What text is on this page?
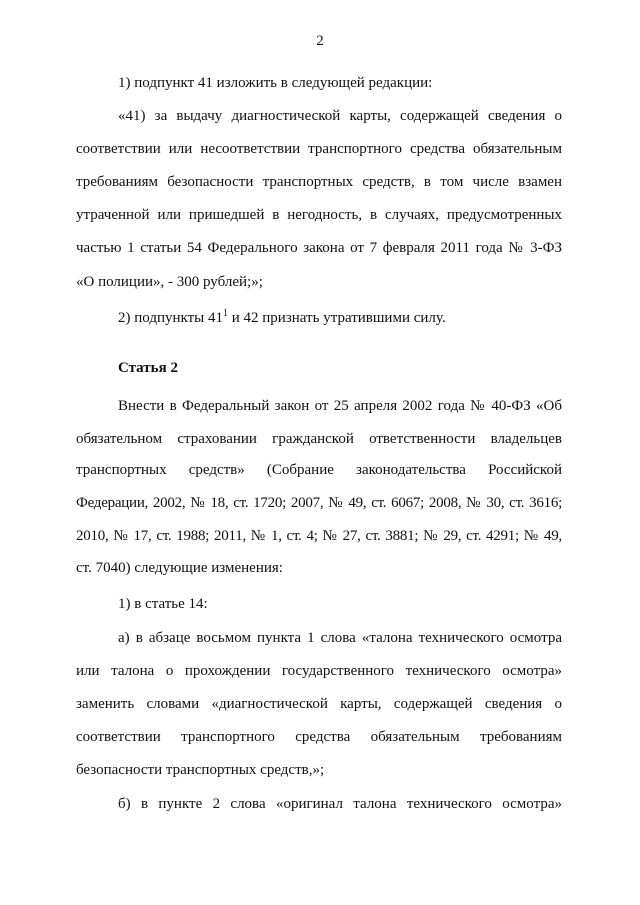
2
1) подпункт 41 изложить в следующей редакции:
«41) за выдачу диагностической карты, содержащей сведения о
соответствии или несоответствии транспортного средства обязательным
требованиям безопасности транспортных средств, в том числе взамен
утраченной или пришедшей в негодность, в случаях, предусмотренных
частью 1 статьи 54 Федерального закона от 7 февраля 2011 года № 3-ФЗ
«О полиции», - 300 рублей;»;
2) подпункты $41^1$ и 42 признать утратившими силу.
Статья 2
Внести в Федеральный закон от 25 апреля 2002 года № 40-ФЗ «Об
обязательном страховании гражданской ответственности владельцев
транспортных средств» (Собрание законодательства Российской
Федерации, 2002, № 18, ст. 1720; 2007, № 49, ст. 6067; 2008, № 30, ст. 3616;
2010, № 17, ст. 1988; 2011, № 1, ст. 4; № 27, ст. 3881; № 29, ст. 4291; № 49,
ст. 7040) следующие изменения:
1) в статье 14:
а) в абзаце восьмом пункта 1 слова «талона технического осмотра
или талона о прохождении государственного технического осмотра»
заменить словами «диагностической карты, содержащей сведения о
соответствии транспортного средства обязательным требованиям
безопасности транспортных средств,»;
б) в пункте 2 слова «оригинал талона технического осмотра»
